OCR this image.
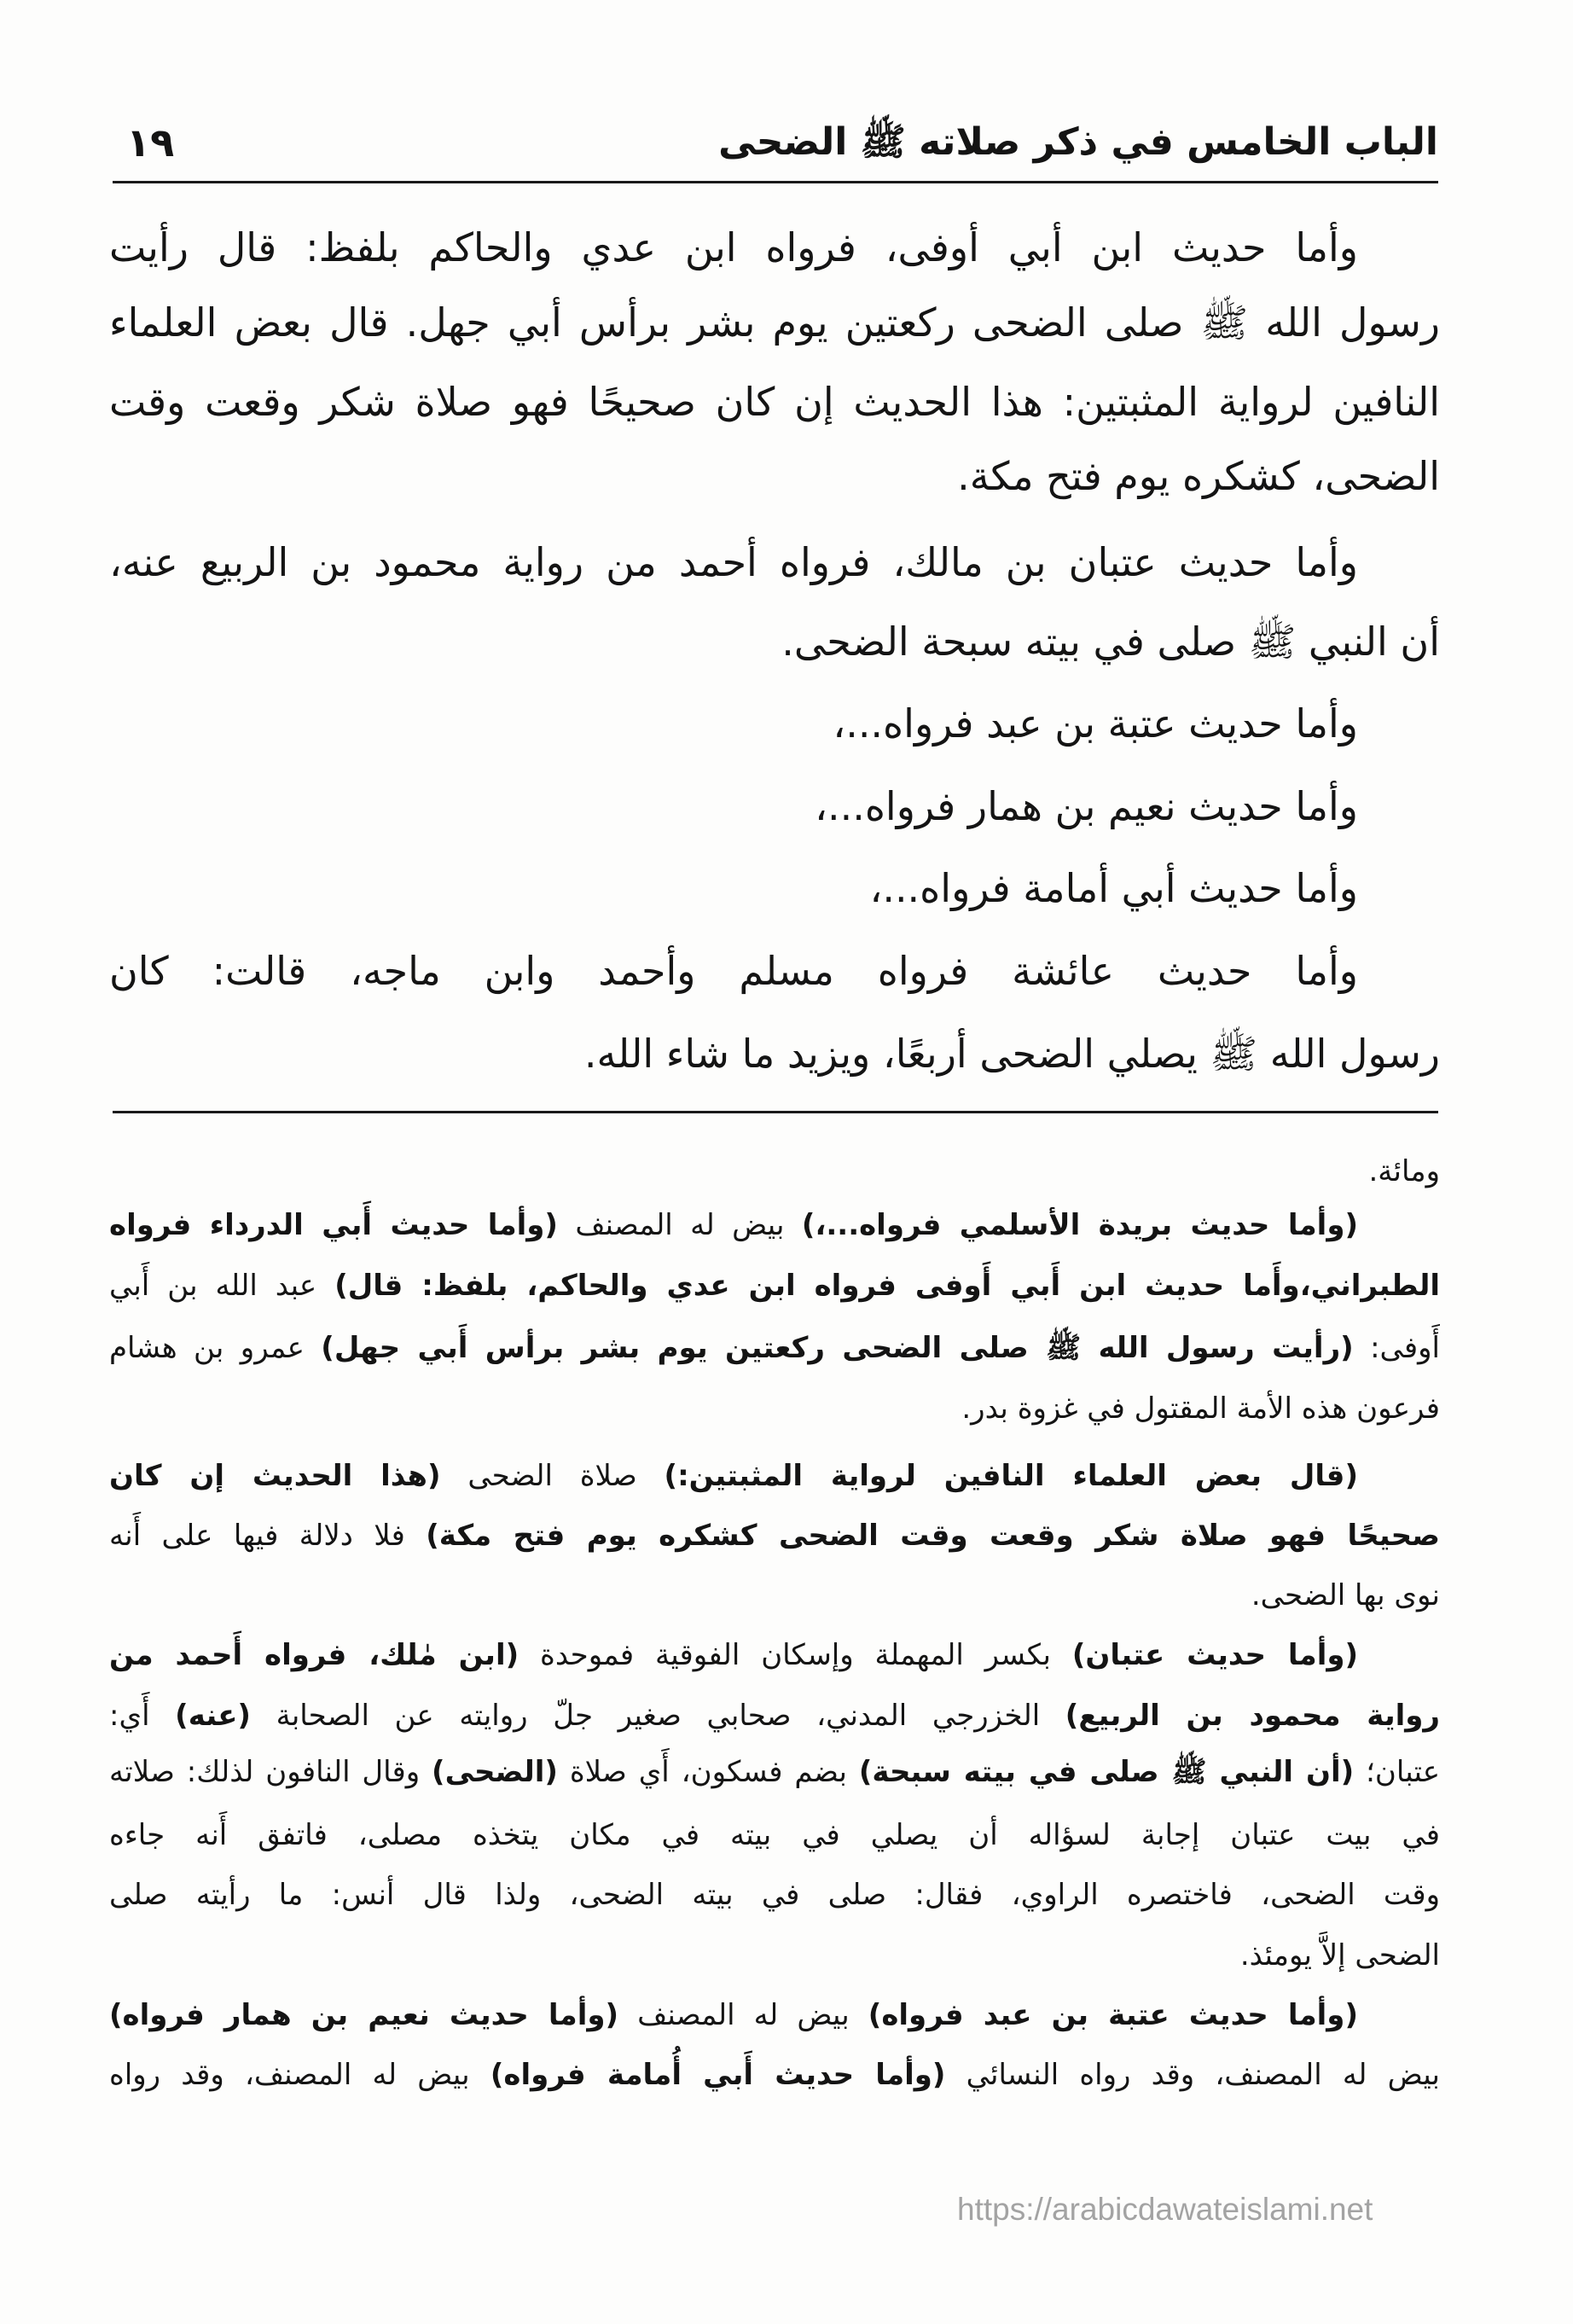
الباب الخامس في ذكر صلاته ﷺ الضحى
١٩
وأما حديث ابن أبي أوفى، فرواه ابن عدي والحاكم بلفظ: قال رأيت
رسول الله ﷺ صلى الضحى ركعتين يوم بشر برأس أبي جهل. قال بعض العلماء
النافين لرواية المثبتين: هذا الحديث إن كان صحيحًا فهو صلاة شكر وقعت وقت
الضحى، كشكره يوم فتح مكة.
وأما حديث عتبان بن مالك، فرواه أحمد من رواية محمود بن الربيع عنه،
أن النبي ﷺ صلى في بيته سبحة الضحى.
وأما حديث عتبة بن عبد فرواه...،
وأما حديث نعيم بن همار فرواه...،
وأما حديث أبي أمامة فرواه...،
وأما حديث عائشة فرواه مسلم وأحمد وابن ماجه، قالت: كان
رسول الله ﷺ يصلي الضحى أربعًا، ويزيد ما شاء الله.
ومائة.
(وأما حديث بريدة الأسلمي فرواه...،) بيض له المصنف (وأما حديث أَبي الدرداء فرواه
الطبراني،وأَما حديث ابن أَبي أَوفى فرواه ابن عدي والحاكم، بلفظ: قال) عبد الله بن أَبي
أَوفى: (رأيت رسول الله ﷺ صلى الضحى ركعتين يوم بشر برأس أَبي جهل) عمرو بن هشام
فرعون هذه الأمة المقتول في غزوة بدر.
(قال بعض العلماء النافين لرواية المثبتين:) صلاة الضحى (هذا الحديث إن كان
صحيحًا فهو صلاة شكر وقعت وقت الضحى كشكره يوم فتح مكة) فلا دلالة فيها على أَنه
نوى بها الضحى.
(وأما حديث عتبان) بكسر المهملة وإسكان الفوقية فموحدة (ابن مٰلك، فرواه أَحمد من
رواية محمود بن الربيع) الخزرجي المدني، صحابي صغير جلّ روايته عن الصحابة (عنه) أَي:
عتبان؛ (أن النبي ﷺ صلى في بيته سبحة) بضم فسكون، أَي صلاة (الضحى) وقال النافون لذلك: صلاته
في بيت عتبان إجابة لسؤاله أن يصلي في بيته في مكان يتخذه مصلى، فاتفق أَنه جاءه
وقت الضحى، فاختصره الراوي، فقال: صلى في بيته الضحى، ولذا قال أنس: ما رأيته صلى
الضحى إلاَّ يومئذ.
(وأما حديث عتبة بن عبد فرواه) بيض له المصنف (وأما حديث نعيم بن همار فرواه)
بيض له المصنف، وقد رواه النسائي (وأما حديث أَبي أُمامة فرواه) بيض له المصنف، وقد رواه
https://arabicdawateislami.net
